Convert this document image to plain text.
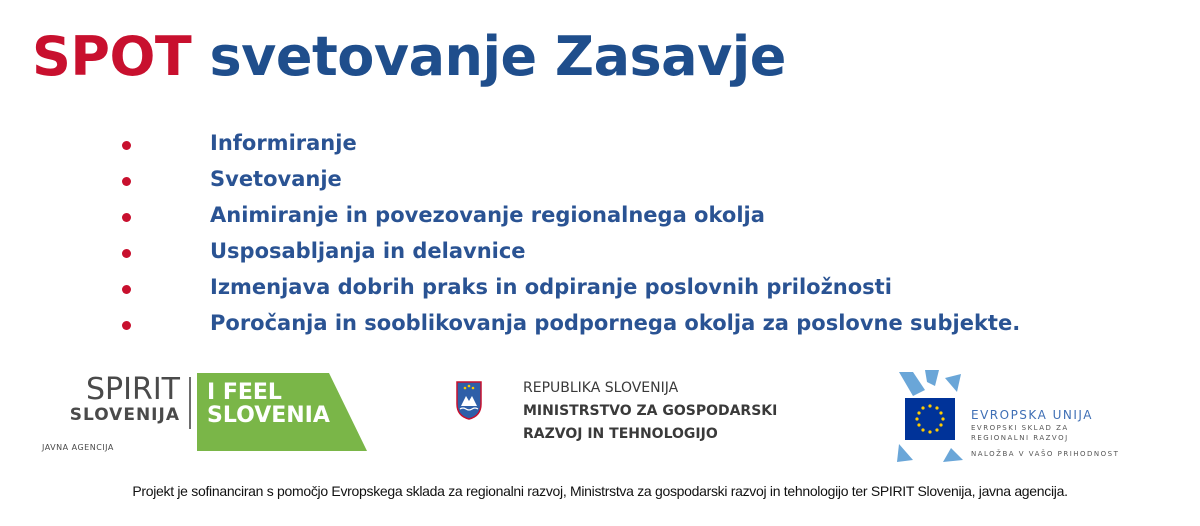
SPOT svetovanje Zasavje
Informiranje
Svetovanje
Animiranje in povezovanje regionalnega okolja
Usposabljanja in delavnice
Izmenjava dobrih praks in odpiranje poslovnih priložnosti
Poročanja in sooblikovanja podpornega okolja za poslovne subjekte.
SPIRIT
SLOVENIJA
JAVNA AGENCIJA
I FEEL
SLOVENIA
REPUBLIKA SLOVENIJA
MINISTRSTVO ZA GOSPODARSKI
RAZVOJ IN TEHNOLOGIJO
EVROPSKA UNIJA
EVROPSKI SKLAD ZA
REGIONALNI RAZVOJ
NALOŽBA V VAŠO PRIHODNOST
Projekt je sofinanciran s pomočjo Evropskega sklada za regionalni razvoj, Ministrstva za gospodarski razvoj in tehnologijo ter SPIRIT Slovenija, javna agencija.
